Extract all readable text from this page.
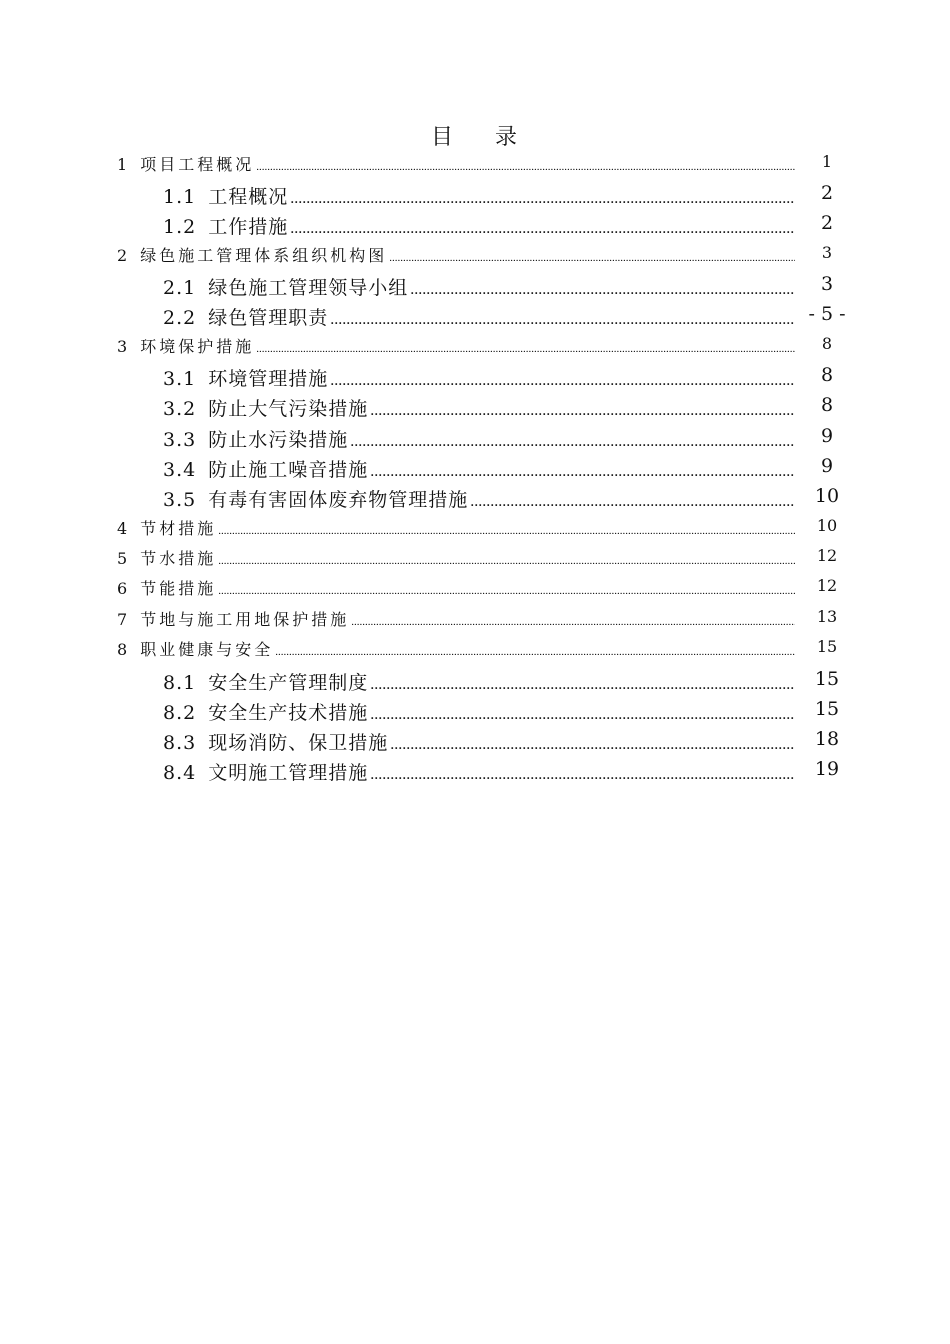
目 录
1 项目工程概况 .....	1
1.1 工程概况 .....	2
1.2 工作措施 .....	2
2 绿色施工管理体系组织机构图 .....	3
2.1 绿色施工管理领导小组 .....	3
2.2 绿色管理职责 .....	- 5 -
3 环境保护措施 .....	8
3.1 环境管理措施 .....	8
3.2 防止大气污染措施 .....	8
3.3 防止水污染措施 .....	9
3.4 防止施工噪音措施 .....	9
3.5 有毒有害固体废弃物管理措施 .....	10
4 节材措施 .....	10
5 节水措施 .....	12
6 节能措施 .....	12
7 节地与施工用地保护措施 .....	13
8 职业健康与安全 .....	15
8.1 安全生产管理制度 .....	15
8.2 安全生产技术措施 .....	15
8.3 现场消防、保卫措施 .....	18
8.4 文明施工管理措施 .....	19
